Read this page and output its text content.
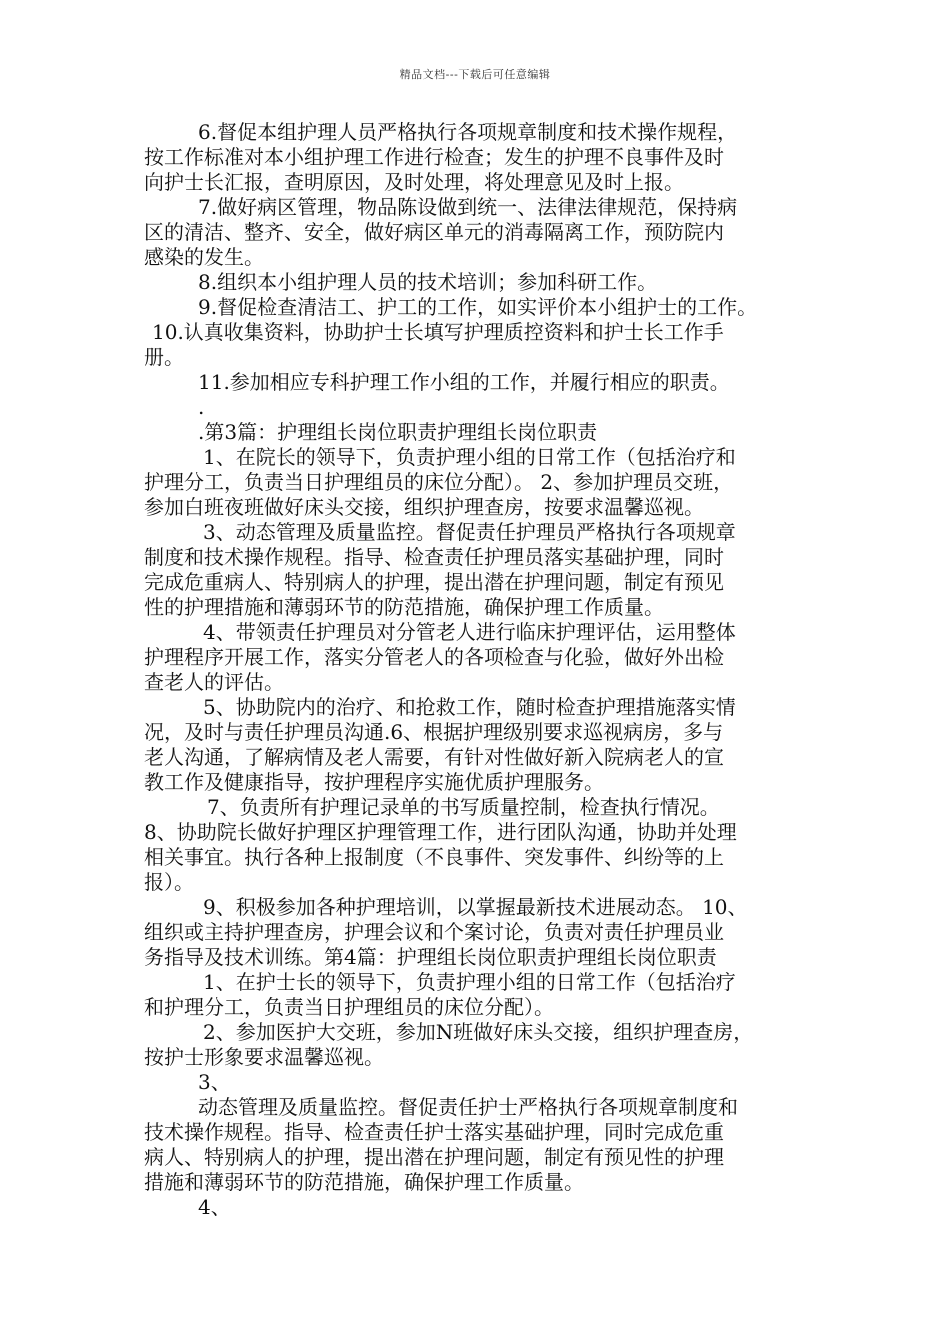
精品文档---下载后可任意编辑
6.督促本组护理人员严格执行各项规章制度和技术操作规程，
按工作标准对本小组护理工作进行检查；发生的护理不良事件及时
向护士长汇报，查明原因，及时处理，将处理意见及时上报。
7.做好病区管理，物品陈设做到统一、法律法律规范，保持病
区的清洁、整齐、安全，做好病区单元的消毒隔离工作，预防院内
感染的发生。
8.组织本小组护理人员的技术培训；参加科研工作。
9.督促检查清洁工、护工的工作，如实评价本小组护士的工作。
10.认真收集资料，协助护士长填写护理质控资料和护士长工作手
册。
11.参加相应专科护理工作小组的工作，并履行相应的职责。
.
.第3篇：护理组长岗位职责护理组长岗位职责
1、在院长的领导下，负责护理小组的日常工作（包括治疗和
护理分工，负责当日护理组员的床位分配）。 2、参加护理员交班，
参加白班夜班做好床头交接，组织护理查房，按要求温馨巡视。
3、动态管理及质量监控。督促责任护理员严格执行各项规章
制度和技术操作规程。指导、检查责任护理员落实基础护理，同时
完成危重病人、特别病人的护理，提出潜在护理问题，制定有预见
性的护理措施和薄弱环节的防范措施，确保护理工作质量。
4、带领责任护理员对分管老人进行临床护理评估，运用整体
护理程序开展工作，落实分管老人的各项检查与化验，做好外出检
查老人的评估。
5、协助院内的治疗、和抢救工作，随时检查护理措施落实情
况，及时与责任护理员沟通.6、根据护理级别要求巡视病房，多与
老人沟通，了解病情及老人需要，有针对性做好新入院病老人的宣
教工作及健康指导，按护理程序实施优质护理服务。
7、负责所有护理记录单的书写质量控制，检查执行情况。
8、协助院长做好护理区护理管理工作，进行团队沟通，协助并处理
相关事宜。执行各种上报制度（不良事件、突发事件、纠纷等的上
报）。
9、积极参加各种护理培训，以掌握最新技术进展动态。 10、
组织或主持护理查房，护理会议和个案讨论，负责对责任护理员业
务指导及技术训练。第4篇：护理组长岗位职责护理组长岗位职责
1、在护士长的领导下，负责护理小组的日常工作（包括治疗
和护理分工，负责当日护理组员的床位分配）。
2、参加医护大交班，参加N班做好床头交接，组织护理查房，
按护士形象要求温馨巡视。
3、
动态管理及质量监控。督促责任护士严格执行各项规章制度和
技术操作规程。指导、检查责任护士落实基础护理，同时完成危重
病人、特别病人的护理，提出潜在护理问题，制定有预见性的护理
措施和薄弱环节的防范措施，确保护理工作质量。
4、
